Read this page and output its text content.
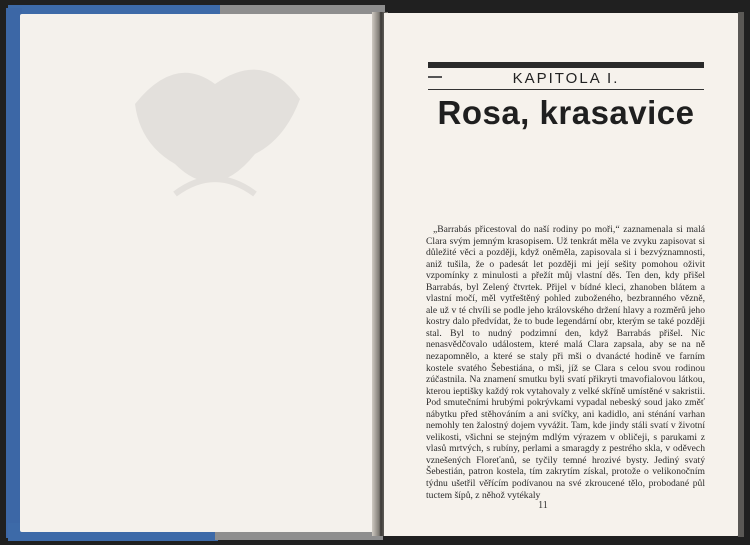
KAPITOLA I.
Rosa, krasavice

„Barrabás přicestoval do naší rodiny po moři,“ zaznamenala si malá Clara svým jemným krasopisem. Už tenkrát měla ve zvyku zapisovat si důležité věci a později, když oněměla, zapisovala si i bezvýznamnosti, aniž tušila, že o padesát let později mi její sešity pomohou oživit vzpomínky z minulosti a přežít můj vlastní děs. Ten den, kdy přišel Barrabás, byl Zelený čtvrtek. Přijel v bídné kleci, zhanoben blátem a vlastní močí, měl vytřeštěný pohled zuboženého, bezbranného vězně, ale už v té chvíli se podle jeho královského držení hlavy a rozměrů jeho kostry dalo předvídat, že to bude legendární obr, kterým se také později stal. Byl to nudný podzimní den, když Barrabás přišel. Nic nenasvědčovalo událostem, které malá Clara zapsala, aby se na ně nezapomnělo, a které se staly při mši o dvanácté hodině ve farním kostele svatého Šebestiána, o mši, jíž se Clara s celou svou rodinou zúčastnila. Na znamení smutku byli svatí přikryti tmavofialovou látkou, kterou ieptišky každý rok vytahovaly z velké skříně umístěné v sakristii. Pod smutečními hrubými pokrývkami vypadal nebeský soud jako změť nábytku před stěhováním a ani svíčky, ani kadidlo, ani sténání varhan nemohly ten žalostný dojem vyvážit. Tam, kde jindy stáli svatí v životní velikosti, všichni se stejným mdlým výrazem v obličeji, s parukami z vlasů mrtvých, s rubíny, perlami a smaragdy z pestrého skla, v oděvech vznešených Floreťanů, se tyčily temné hrozivé bysty. Jediný svatý Šebestián, patron kostela, tím zakrytím získal, protože o velikonočním týdnu ušetřil věřícím podívanou na své zkroucené tělo, probodané půl tuctem šípů, z něhož vytékaly

11
